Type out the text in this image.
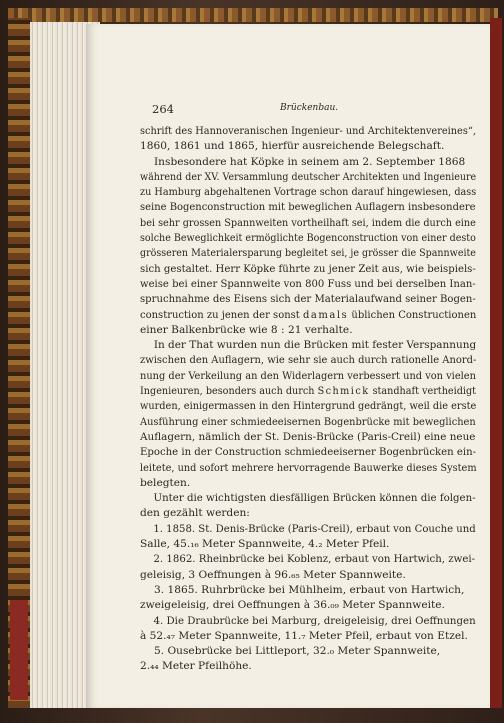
264	Brückenbau.
schrift des Hannoveranischen Ingenieur- und Architektenvereines“,
1860, 1861 und 1865, hierfür ausreichende Belegschaft.
Insbesondere hat Köpke in seinem am 2. September 1868
während der XV. Versammlung deutscher Architekten und Ingenieure
zu Hamburg abgehaltenen Vortrage schon darauf hingewiesen, dass
seine Bogenconstruction mit beweglichen Auflagern insbesondere
bei sehr grossen Spannweiten vortheilhaft sei, indem die durch eine
solche Beweglichkeit ermöglichte Bogenconstruction von einer desto
grösseren Materialersparung begleitet sei, je grösser die Spannweite
sich gestaltet. Herr Köpke führte zu jener Zeit aus, wie beispiels-
weise bei einer Spannweite von 800 Fuss und bei derselben Inan-
spruchnahme des Eisens sich der Materialaufwand seiner Bogen-
construction zu jenen der sonst damals üblichen Constructionen
einer Balkenbrücke wie 8 : 21 verhalte.
In der That wurden nun die Brücken mit fester Verspannung
zwischen den Auflagern, wie sehr sie auch durch rationelle Anord-
nung der Verkeilung an den Widerlagern verbessert und von vielen
Ingenieuren, besonders auch durch Schmick standhaft vertheidigt
wurden, einigermassen in den Hintergrund gedrängt, weil die erste
Ausführung einer schmiedeeisernen Bogenbrücke mit beweglichen
Auflagern, nämlich der St. Denis-Brücke (Paris-Creil) eine neue
Epoche in der Construction schmiedeeiserner Bogenbrücken ein-
leitete, und sofort mehrere hervorragende Bauwerke dieses System
belegten.
Unter die wichtigsten diesfälligen Brücken können die folgen-
den gezählt werden:
1. 1858. St. Denis-Brücke (Paris-Creil), erbaut von Couche und
Salle, 45.₁₆ Meter Spannweite, 4.₂ Meter Pfeil.
2. 1862. Rheinbrücke bei Koblenz, erbaut von Hartwich, zwei-
geleisig, 3 Oeffnungen à 96.₆₅ Meter Spannweite.
3. 1865. Ruhrbrücke bei Mühlheim, erbaut von Hartwich,
zweigeleisig, drei Oeffnungen à 36.₀₉ Meter Spannweite.
4. Die Draubrücke bei Marburg, dreigeleisig, drei Oeffnungen
à 52.₄₇ Meter Spannweite, 11.₇ Meter Pfeil, erbaut von Etzel.
5. Ousebrücke bei Littleport, 32.₀ Meter Spannweite,
2.₄₄ Meter Pfeilhöhe.
